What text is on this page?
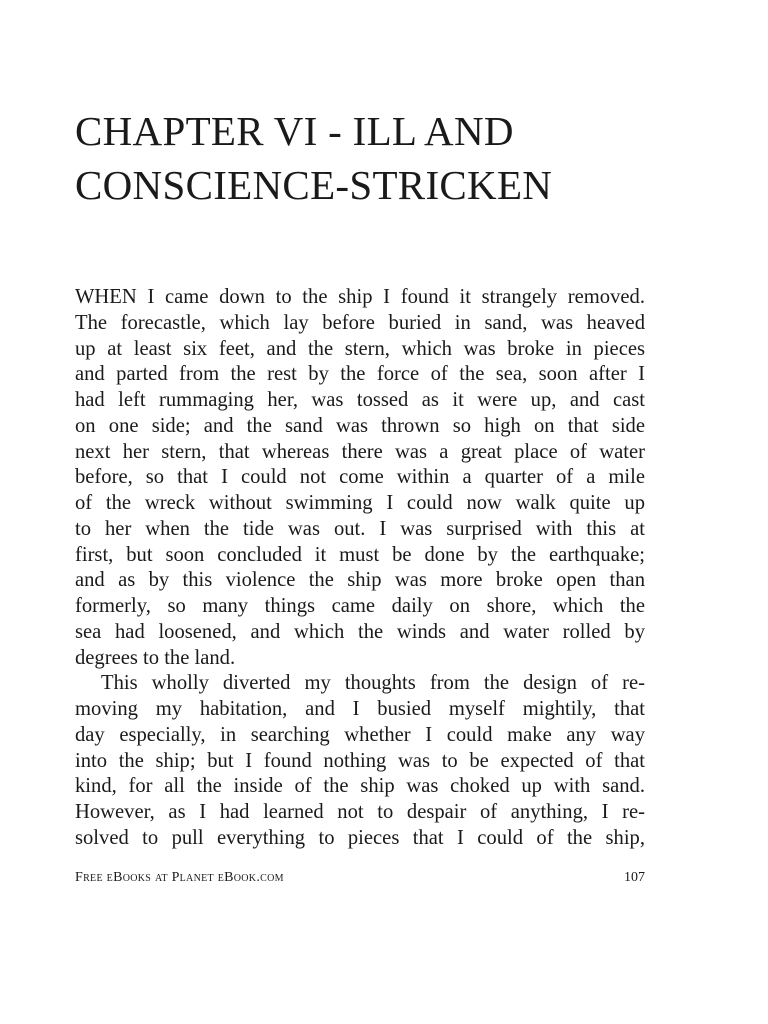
CHAPTER VI - ILL AND
CONSCIENCE-STRICKEN
WHEN I came down to the ship I found it strangely removed.
The forecastle, which lay before buried in sand, was heaved
up at least six feet, and the stern, which was broke in pieces
and parted from the rest by the force of the sea, soon after I
had left rummaging her, was tossed as it were up, and cast
on one side; and the sand was thrown so high on that side
next her stern, that whereas there was a great place of water
before, so that I could not come within a quarter of a mile
of the wreck without swimming I could now walk quite up
to her when the tide was out. I was surprised with this at
first, but soon concluded it must be done by the earthquake;
and as by this violence the ship was more broke open than
formerly, so many things came daily on shore, which the
sea had loosened, and which the winds and water rolled by
degrees to the land.
This wholly diverted my thoughts from the design of re-
moving my habitation, and I busied myself mightily, that
day especially, in searching whether I could make any way
into the ship; but I found nothing was to be expected of that
kind, for all the inside of the ship was choked up with sand.
However, as I had learned not to despair of anything, I re-
solved to pull everything to pieces that I could of the ship,
Free eBooks at Planet eBook.com	107
